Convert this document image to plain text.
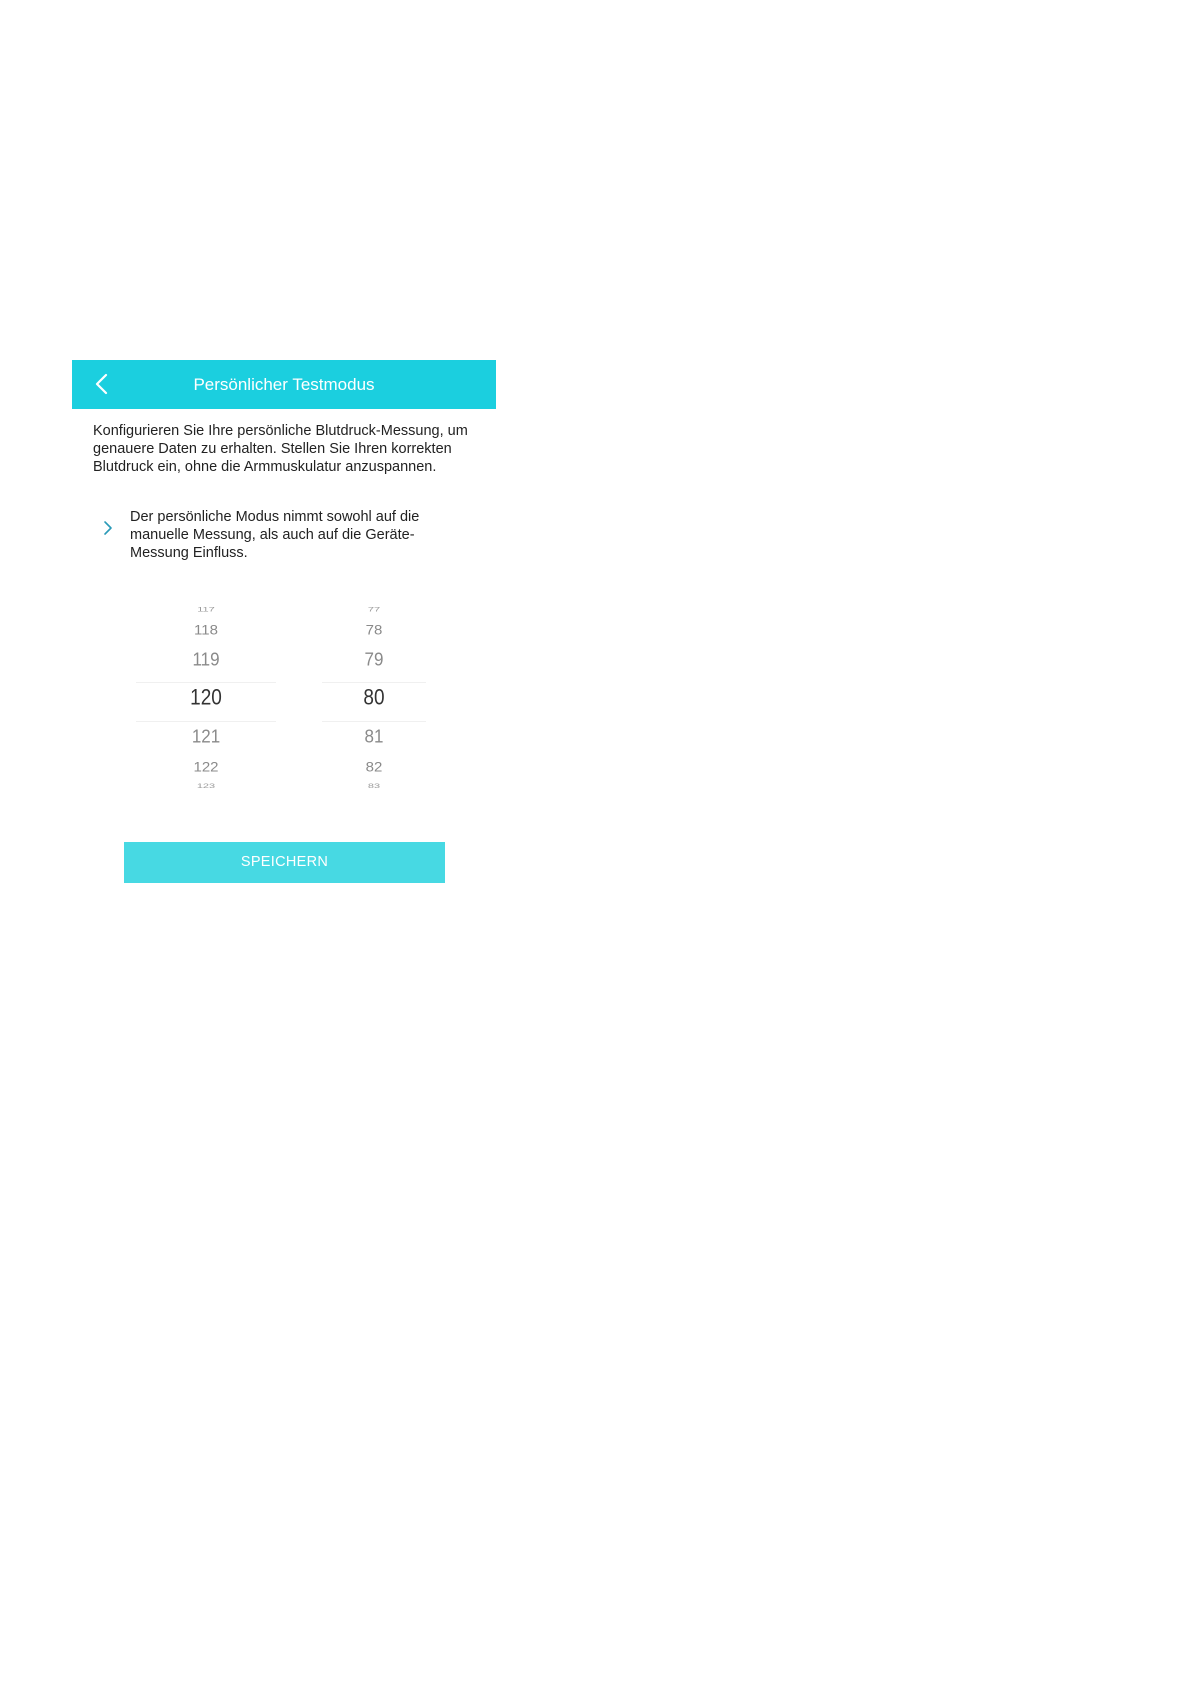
Persönlicher Testmodus

Konfigurieren Sie Ihre persönliche Blutdruck-Messung, um genauere Daten zu erhalten. Stellen Sie Ihren korrekten Blutdruck ein, ohne die Armmuskulatur anzuspannen.

Der persönliche Modus nimmt sowohl auf die manuelle Messung, als auch auf die Geräte-Messung Einfluss.

117
118
119
120
121
122
123
77
78
79
80
81
82
83
SPEICHERN
